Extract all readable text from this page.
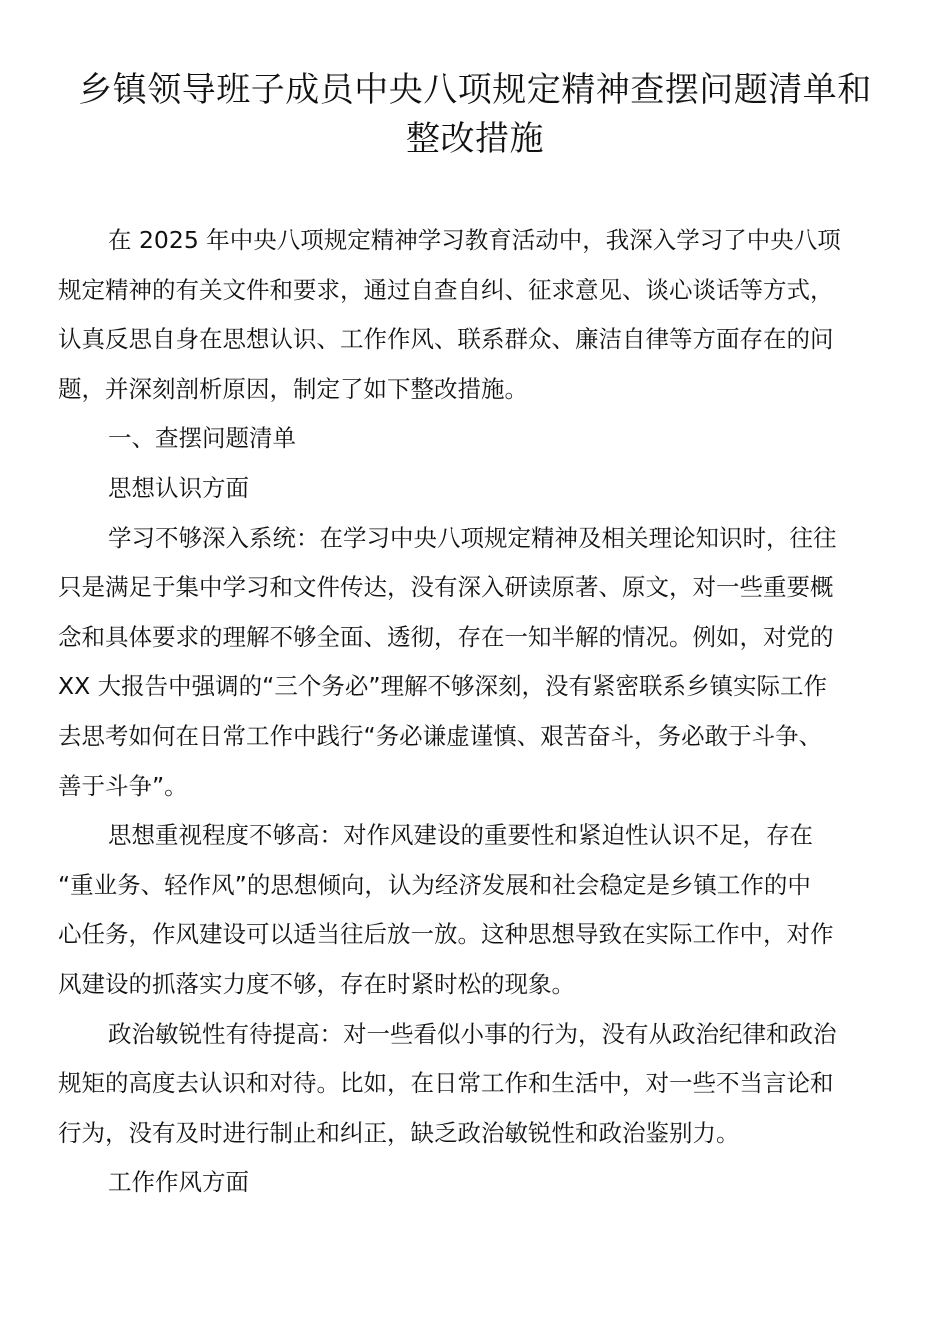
乡镇领导班子成员中央八项规定精神查摆问题清单和
整改措施
在 2025 年中央八项规定精神学习教育活动中，我深入学习了中央八项
规定精神的有关文件和要求，通过自查自纠、征求意见、谈心谈话等方式，
认真反思自身在思想认识、工作作风、联系群众、廉洁自律等方面存在的问
题，并深刻剖析原因，制定了如下整改措施。
一、查摆问题清单
思想认识方面
学习不够深入系统：在学习中央八项规定精神及相关理论知识时，往往
只是满足于集中学习和文件传达，没有深入研读原著、原文，对一些重要概
念和具体要求的理解不够全面、透彻，存在一知半解的情况。例如，对党的
XX 大报告中强调的“三个务必”理解不够深刻，没有紧密联系乡镇实际工作
去思考如何在日常工作中践行“务必谦虚谨慎、艰苦奋斗，务必敢于斗争、
善于斗争”。
思想重视程度不够高：对作风建设的重要性和紧迫性认识不足，存在
“重业务、轻作风”的思想倾向，认为经济发展和社会稳定是乡镇工作的中
心任务，作风建设可以适当往后放一放。这种思想导致在实际工作中，对作
风建设的抓落实力度不够，存在时紧时松的现象。
政治敏锐性有待提高：对一些看似小事的行为，没有从政治纪律和政治
规矩的高度去认识和对待。比如，在日常工作和生活中，对一些不当言论和
行为，没有及时进行制止和纠正，缺乏政治敏锐性和政治鉴别力。
工作作风方面
